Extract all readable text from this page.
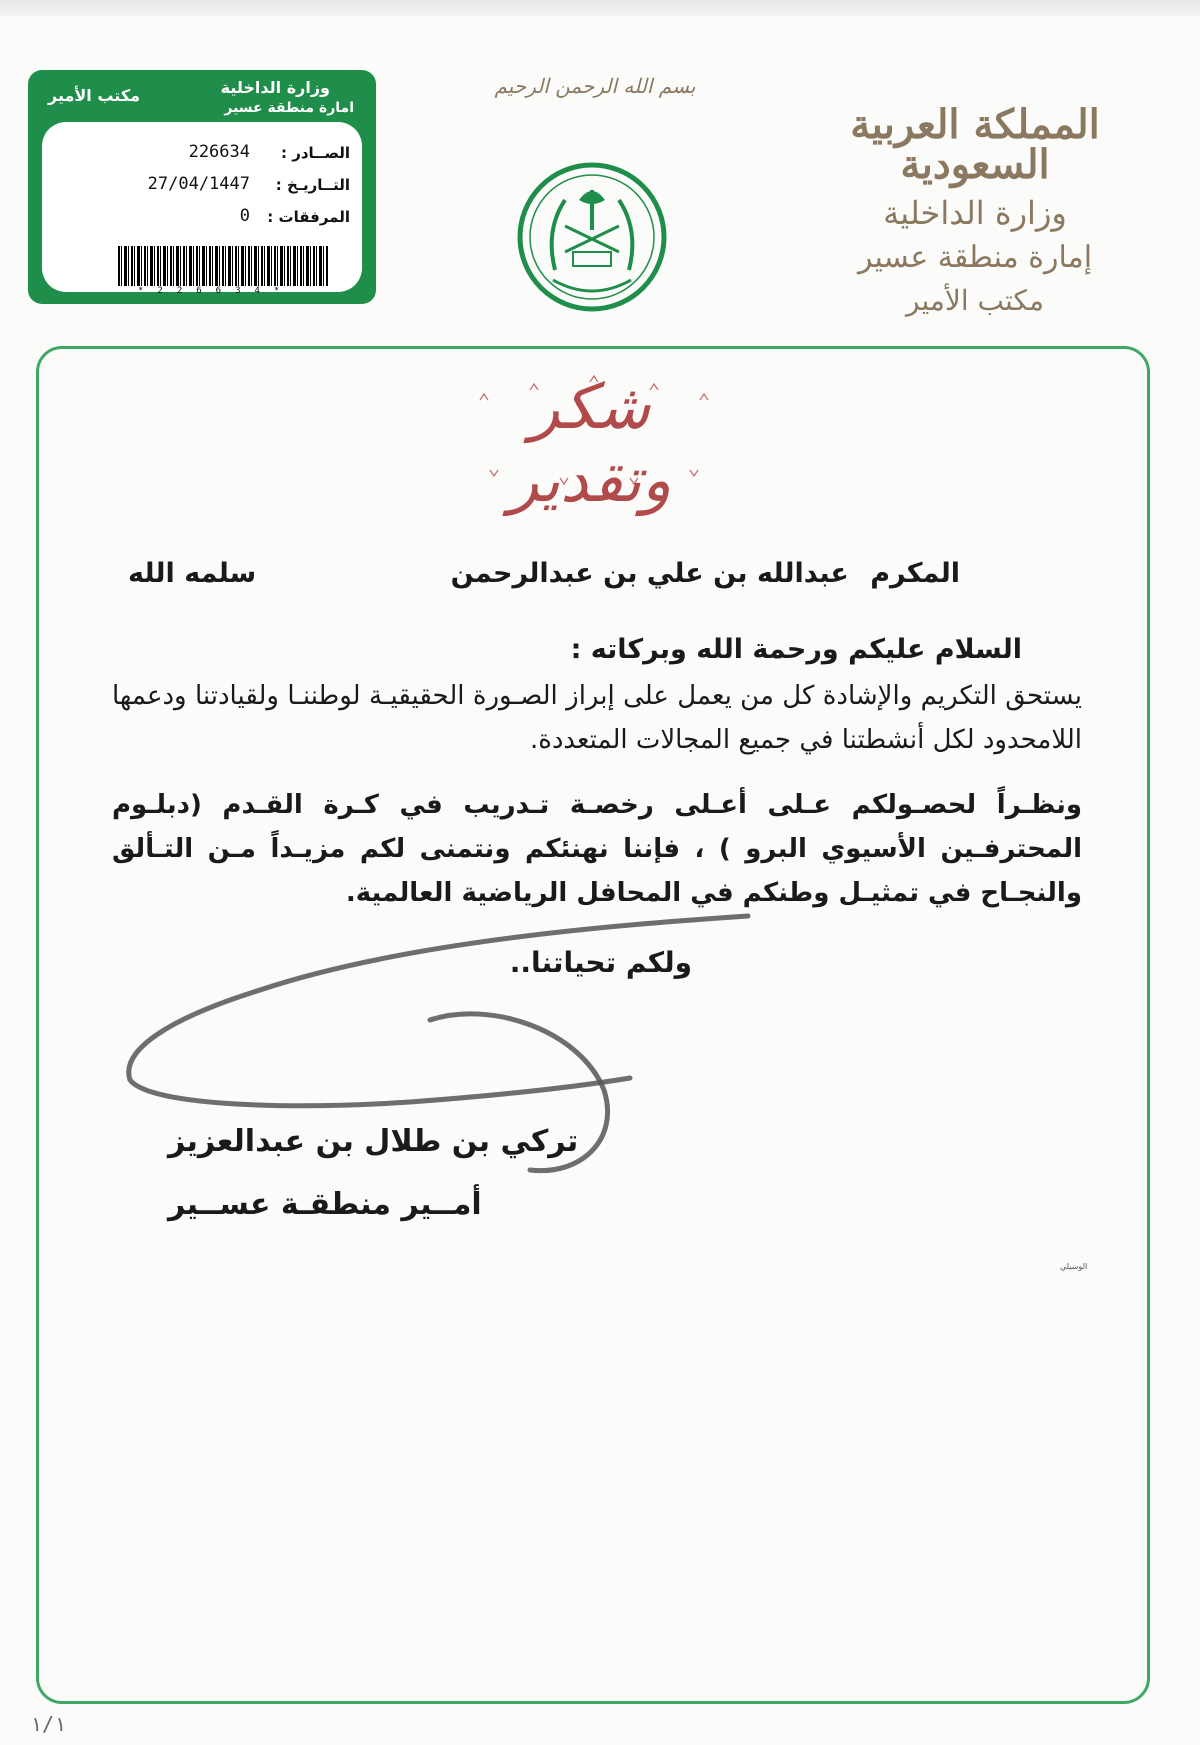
وزارة الداخلية
امارة منطقة عسير
مكتب الأمير
الصــادر :
226634
التــاريـخ :
27/04/1447
المرفقات :
0
*226634*
بسم الله الرحمن الرحيم
المملكة العربية السعودية
وزارة الداخلية
إمارة منطقة عسير
مكتب الأمير
شكر وتقدير
المكرم عبدالله بن علي بن عبدالرحمن
سلمه الله
السلام عليكم ورحمة الله وبركاته :
يستحق التكريم والإشادة كل من يعمل على إبراز الصـورة الحقيقيـة لوطننـا ولقيادتنا ودعمها اللامحدود لكل أنشطتنا في جميع المجالات المتعددة.
ونظـراً لحصـولكم عـلى أعـلى رخصـة تـدريب في كـرة القـدم (دبلـوم المحترفـين الأسيوي البرو ) ، فإننا نهنئكم ونتمنى لكم مزيـداً مـن التـألق والنجـاح في تمثيـل وطنكم في المحافل الرياضية العالمية.
ولكم تحياتنا..
تركي بن طلال بن عبدالعزيز
أمــير منطقـة عســير
الوسيلي
١/١
